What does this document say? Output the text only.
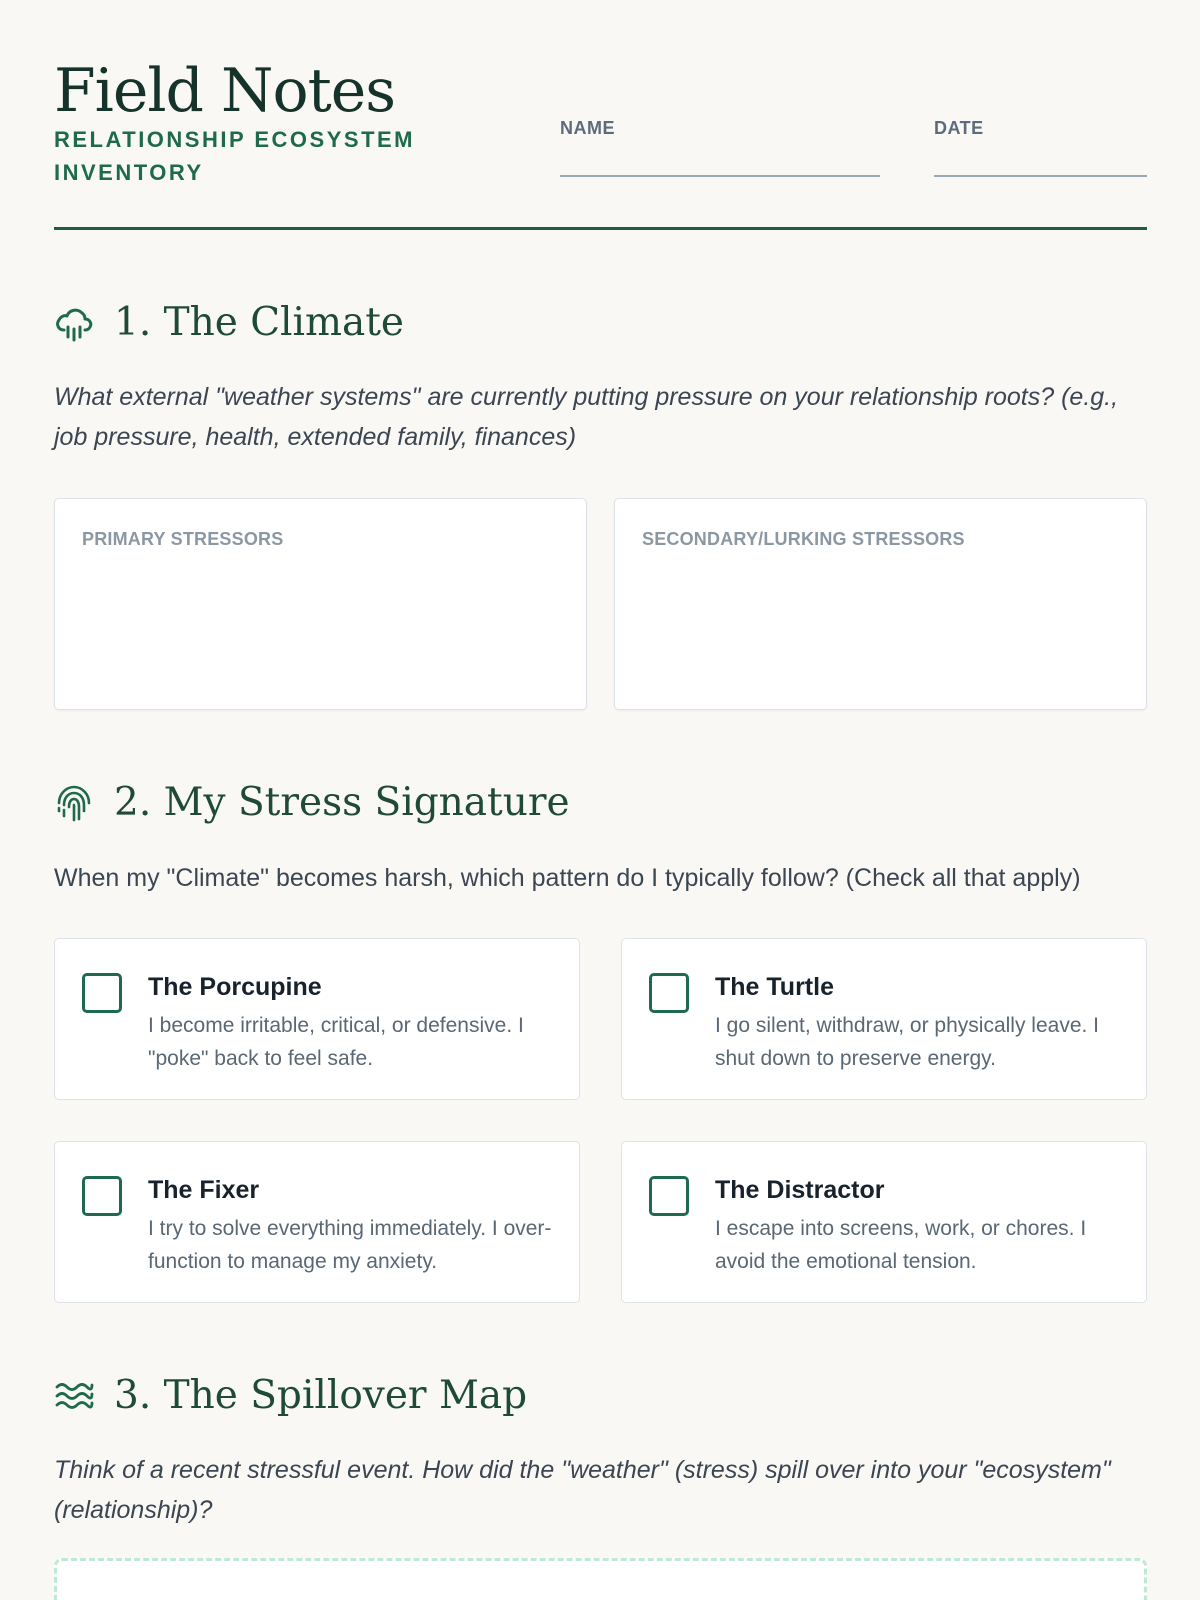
Field Notes
RELATIONSHIP ECOSYSTEM INVENTORY
NAME	DATE
1. The Climate

What external "weather systems" are currently putting pressure on your relationship roots? (e.g., job pressure, health, extended family, finances)

PRIMARY STRESSORS	SECONDARY/LURKING STRESSORS
2. My Stress Signature

When my "Climate" becomes harsh, which pattern do I typically follow? (Check all that apply)

The Porcupine
I become irritable, critical, or defensive. I "poke" back to feel safe.
The Turtle
I go silent, withdraw, or physically leave. I shut down to preserve energy.
The Fixer
I try to solve everything immediately. I over-function to manage my anxiety.
The Distractor
I escape into screens, work, or chores. I avoid the emotional tension.
3. The Spillover Map

Think of a recent stressful event. How did the "weather" (stress) spill over into your "ecosystem" (relationship)?
